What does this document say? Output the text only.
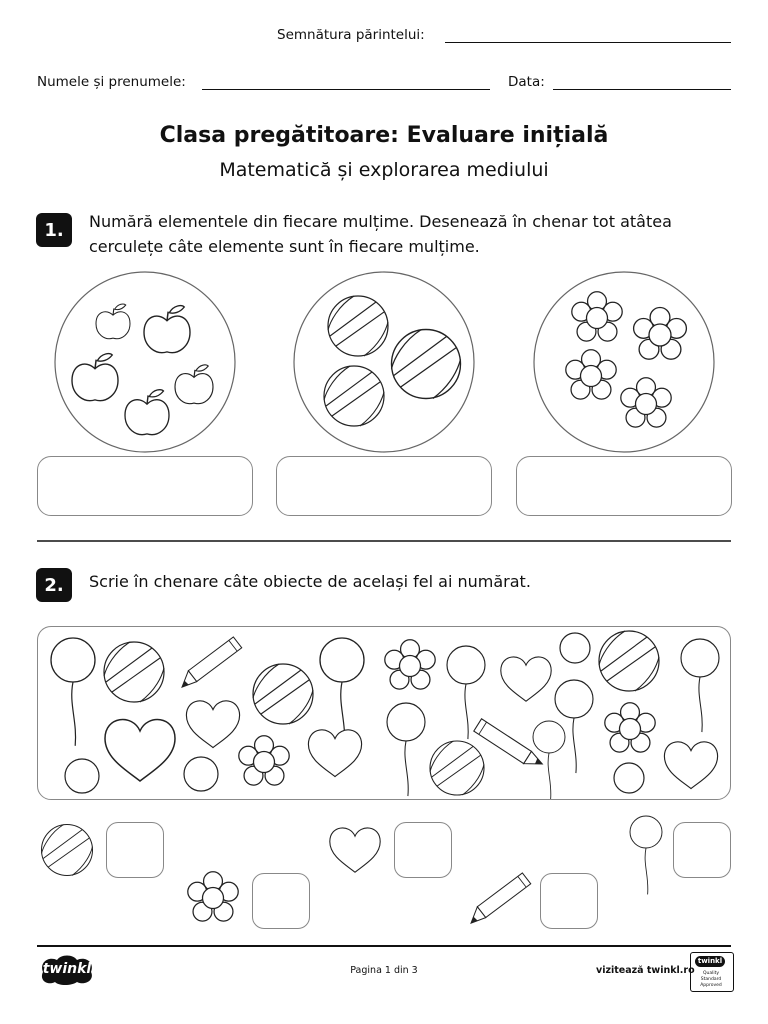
Semnătura părintelui:
Numele și prenumele:	Data:
Clasa pregătitoare: Evaluare inițială
Matematică și explorarea mediului
1.	Numără elementele din fiecare mulțime. Desenează în chenar tot atâtea
cerculețe câte elemente sunt în fiecare mulțime.
2.	Scrie în chenare câte obiecte de același fel ai numărat.
twinkl	Pagina 1 din 3	vizitează twinkl.ro
twinkl
Quality Standard Approved
